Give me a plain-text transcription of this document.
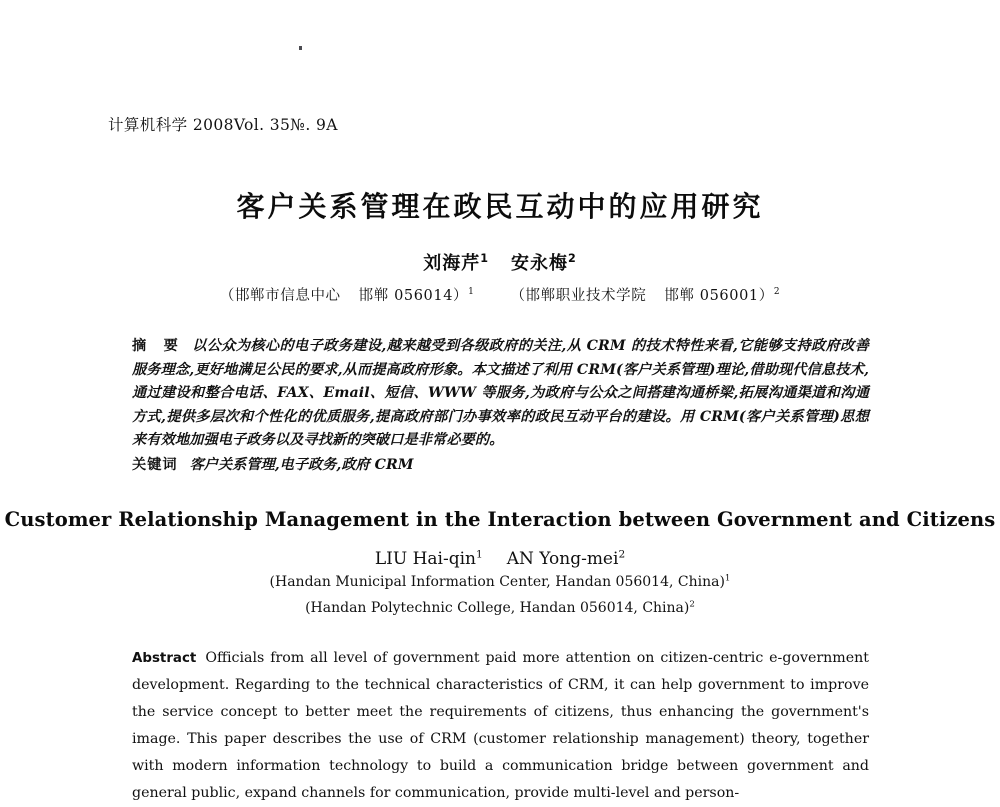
计算机科学 2008Vol. 35№. 9A
客户关系管理在政民互动中的应用研究
刘海芹$^1$ 安永梅$^2$
（邯郸市信息中心 邯郸 056014）$^1$ （邯郸职业技术学院 邯郸 056001）$^2$
摘 要 以公众为核心的电子政务建设,越来越受到各级政府的关注,从 CRM 的技术特性来看,它能够支持政府改善服务理念,更好地满足公民的要求,从而提高政府形象。本文描述了利用 CRM(客户关系管理)理论,借助现代信息技术,通过建设和整合电话、FAX、Email、短信、WWW 等服务,为政府与公众之间搭建沟通桥梁,拓展沟通渠道和沟通方式,提供多层次和个性化的优质服务,提高政府部门办事效率的政民互动平台的建设。用 CRM(客户关系管理)思想来有效地加强电子政务以及寻找新的突破口是非常必要的。
关键词 客户关系管理,电子政务,政府 CRM
Customer Relationship Management in the Interaction between Government and Citizens
LIU Hai-qin$^1$ AN Yong-mei$^2$
(Handan Municipal Information Center, Handan 056014, China)$^1$
(Handan Polytechnic College, Handan 056014, China)$^2$
Abstract Officials from all level of government paid more attention on citizen-centric e-government development. Regarding to the technical characteristics of CRM, it can help government to improve the service concept to better meet the requirements of citizens, thus enhancing the government's image. This paper describes the use of CRM (customer relationship management) theory, together with modern information technology to build a communication bridge between government and general public, expand channels for communication, provide multi-level and person-
